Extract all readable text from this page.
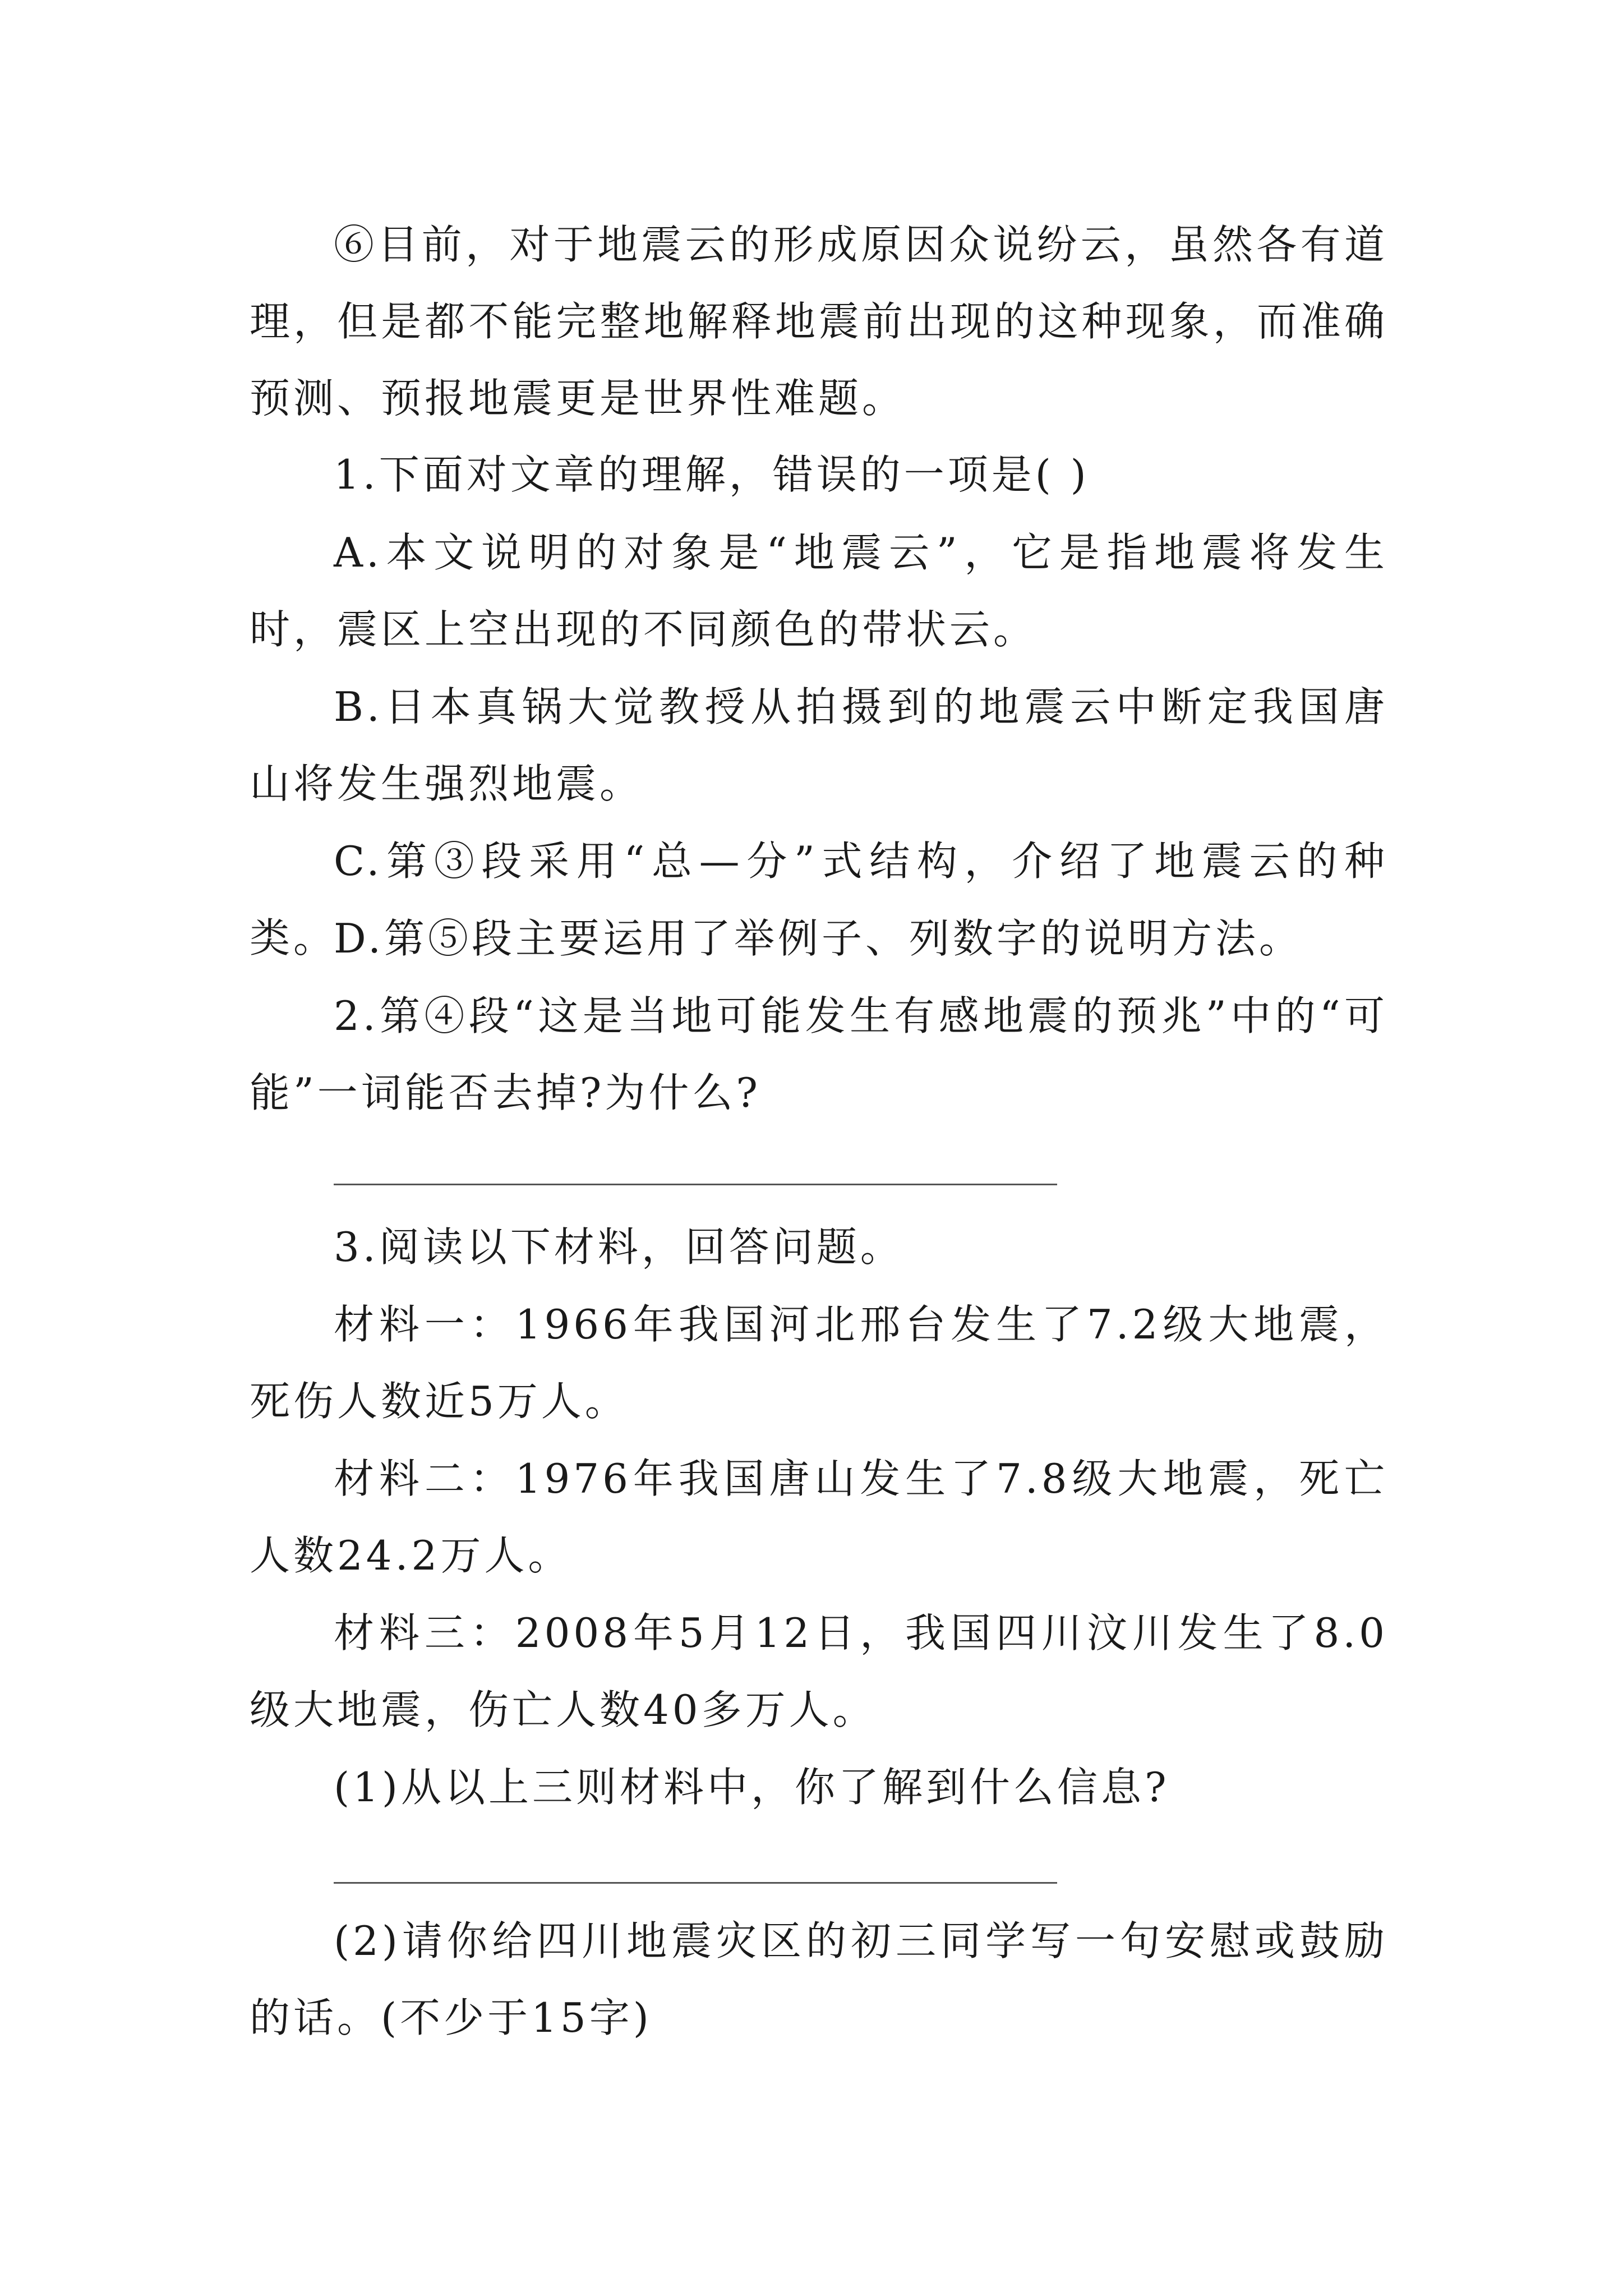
⑥目前，对于地震云的形成原因众说纷云，虽然各有道理，但是都不能完整地解释地震前出现的这种现象，而准确预测、预报地震更是世界性难题。

1.下面对文章的理解，错误的一项是( )

A.本文说明的对象是“地震云”，它是指地震将发生时，震区上空出现的不同颜色的带状云。

B.日本真锅大觉教授从拍摄到的地震云中断定我国唐山将发生强烈地震。

C.第③段采用“总—分”式结构，介绍了地震云的种类。

D.第⑤段主要运用了举例子、列数字的说明方法。

2.第④段“这是当地可能发生有感地震的预兆”中的“可能”一词能否去掉?为什么?

3.阅读以下材料，回答问题。

材料一：1966年我国河北邢台发生了7.2级大地震，死伤人数近5万人。

材料二：1976年我国唐山发生了7.8级大地震，死亡人数24.2万人。

材料三：2008年5月12日，我国四川汶川发生了8.0级大地震，伤亡人数40多万人。

(1)从以上三则材料中，你了解到什么信息?

(2)请你给四川地震灾区的初三同学写一句安慰或鼓励的话。(不少于15字)
